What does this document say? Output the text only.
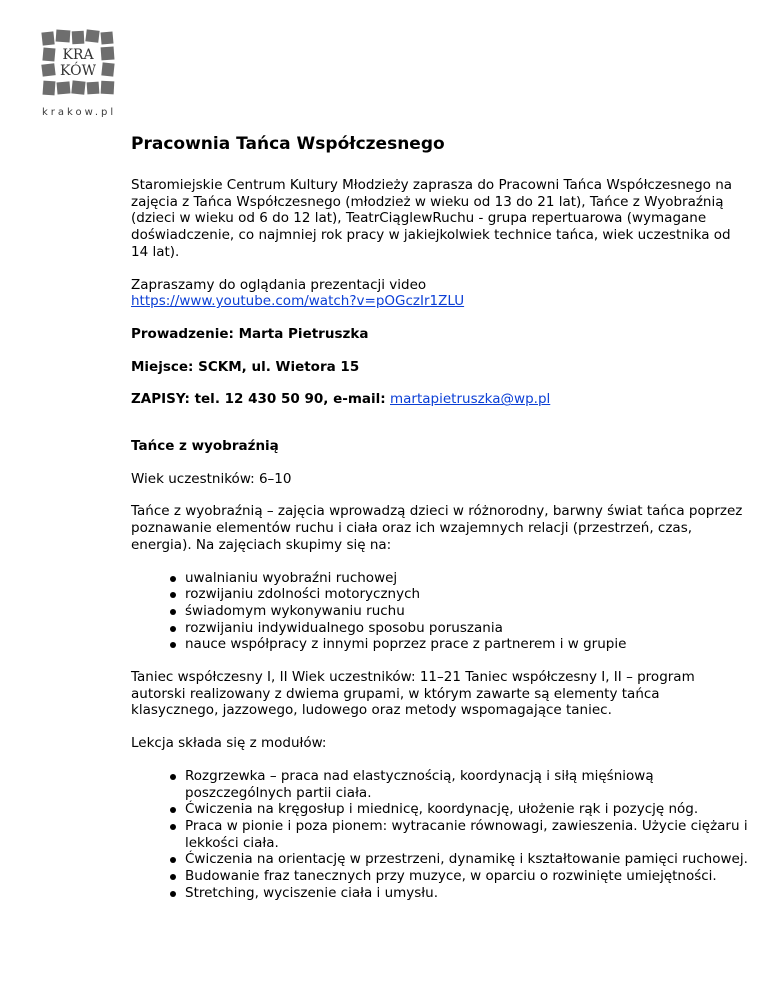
KRA
KÓW
krakow.pl
Pracownia Tańca Współczesnego

Staromiejskie Centrum Kultury Młodzieży zaprasza do Pracowni Tańca Współczesnego na zajęcia z Tańca Współczesnego (młodzież w wieku od 13 do 21 lat), Tańce z Wyobraźnią (dzieci w wieku od 6 do 12 lat), TeatrCiąglewRuchu - grupa repertuarowa (wymagane doświadczenie, co najmniej rok pracy w jakiejkolwiek technice tańca, wiek uczestnika od 14 lat).

Zapraszamy do oglądania prezentacji video
https://www.youtube.com/watch?v=pOGczIr1ZLU

Prowadzenie: Marta Pietruszka

Miejsce: SCKM, ul. Wietora 15

ZAPISY: tel. 12 430 50 90, e-mail: martapietruszka@wp.pl

Tańce z wyobraźnią

Wiek uczestników: 6–10

Tańce z wyobraźnią – zajęcia wprowadzą dzieci w różnorodny, barwny świat tańca poprzez poznawanie elementów ruchu i ciała oraz ich wzajemnych relacji (przestrzeń, czas, energia). Na zajęciach skupimy się na:

uwalnianiu wyobraźni ruchowej
rozwijaniu zdolności motorycznych
świadomym wykonywaniu ruchu
rozwijaniu indywidualnego sposobu poruszania
nauce współpracy z innymi poprzez prace z partnerem i w grupie

Taniec współczesny I, II Wiek uczestników: 11–21 Taniec współczesny I, II – program autorski realizowany z dwiema grupami, w którym zawarte są elementy tańca klasycznego, jazzowego, ludowego oraz metody wspomagające taniec.

Lekcja składa się z modułów:

Rozgrzewka – praca nad elastycznością, koordynacją i siłą mięśniową poszczególnych partii ciała.
Ćwiczenia na kręgosłup i miednicę, koordynację, ułożenie rąk i pozycję nóg.
Praca w pionie i poza pionem: wytracanie równowagi, zawieszenia. Użycie ciężaru i lekkości ciała.
Ćwiczenia na orientację w przestrzeni, dynamikę i kształtowanie pamięci ruchowej.
Budowanie fraz tanecznych przy muzyce, w oparciu o rozwinięte umiejętności.
Stretching, wyciszenie ciała i umysłu.
